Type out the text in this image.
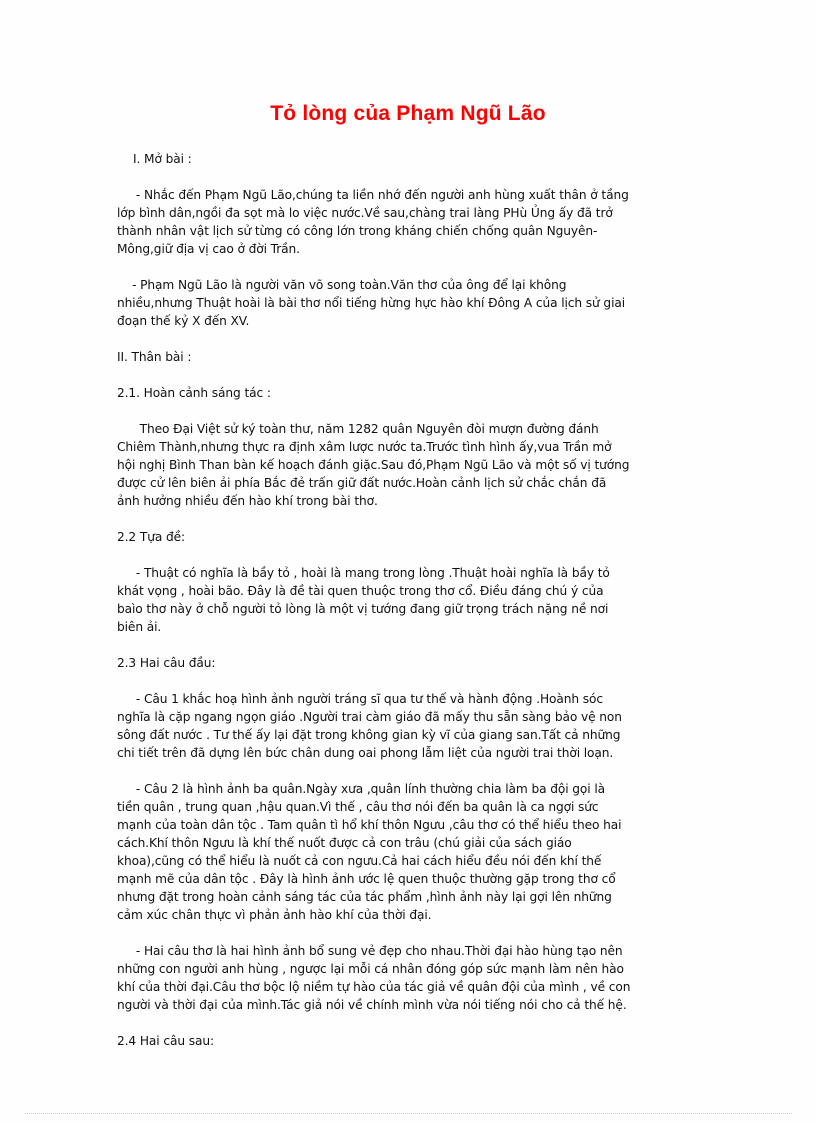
Tỏ lòng của Phạm Ngũ Lão

I. Mở bài :

- Nhắc đến Phạm Ngũ Lão,chúng ta liền nhớ đến người anh hùng xuất thân ở tầng

lớp bình dân,ngồi đa sọt mà lo việc nước.Về sau,chàng trai làng PHù Ủng ấy đã trở

thành nhân vật lịch sử từng có công lớn trong kháng chiến chống quân Nguyên-

Mông,giữ địa vị cao ở đời Trần.

- Phạm Ngũ Lão là người văn võ song toàn.Văn thơ của ông để lại không

nhiều,nhưng Thuật hoài là bài thơ nổi tiếng hừng hực hào khí Đông A của lịch sử giai

đoạn thế kỷ X đến XV.

II. Thân bài :

2.1. Hoàn cảnh sáng tác :

Theo Đại Việt sử ký toàn thư, năm 1282 quân Nguyên đòi mượn đường đánh

Chiêm Thành,nhưng thực ra định xâm lược nước ta.Trước tình hình ấy,vua Trần mở

hội nghị Bình Than bàn kế hoạch đánh giặc.Sau đó,Phạm Ngũ Lão và một số vị tướng

được cử lên biên ải phía Bắc đẻ trấn giữ đất nước.Hoàn cảnh lịch sử chắc chắn đã

ảnh hưởng nhiều đến hào khí trong bài thơ.

2.2 Tựa đề:

- Thuật có nghĩa là bầy tỏ , hoài là mang trong lòng .Thuật hoài nghĩa là bầy tỏ

khát vọng , hoài bão. Đây là đề tài quen thuộc trong thơ cổ. Điều đáng chú ý của

baìo thơ này ở chỗ người tỏ lòng là một vị tướng đang giữ trọng trách nặng nề nơi

biên ải.

2.3 Hai câu đầu:

- Câu 1 khắc hoạ hình ảnh người tráng sĩ qua tư thế và hành động .Hoành sóc

nghĩa là cặp ngang ngọn giáo .Người trai càm giáo đã mấy thu sẵn sàng bảo vệ non

sông đất nước . Tư thế ấy lại đặt trong không gian kỳ vĩ của giang san.Tất cả những

chi tiết trên đã dựng lên bức chân dung oai phong lẫm liệt của người trai thời loạn.

- Câu 2 là hình ảnh ba quân.Ngày xưa ,quân lính thường chia làm ba đội gọi là

tiền quân , trung quan ,hậu quan.Vì thế , câu thơ nói đến ba quân là ca ngợi sức

mạnh của toàn dân tộc . Tam quân tì hổ khí thôn Ngưu ,câu thơ có thể hiểu theo hai

cách.Khí thôn Ngưu là khí thế nuốt được cả con trâu (chú giải của sách giáo

khoa),cũng có thể hiểu là nuốt cả con ngưu.Cả hai cách hiểu đều nói đến khí thế

mạnh mẽ của dân tộc . Đây là hình ảnh ước lệ quen thuộc thường gặp trong thơ cổ

nhưng đặt trong hoàn cảnh sáng tác của tác phẩm ,hình ảnh này lại gợi lên những

cảm xúc chân thực vì phản ảnh hào khí của thời đại.

- Hai câu thơ là hai hình ảnh bổ sung vẻ đẹp cho nhau.Thời đại hào hùng tạo nên

những con người anh hùng , ngược lại mỗi cá nhân đóng góp sức mạnh làm nên hào

khí của thời đại.Câu thơ bộc lộ niềm tự hào của tác giả về quân đội của mình , về con

người và thời đại của mình.Tác giả nói về chính mình vừa nói tiếng nói cho cả thế hệ.

2.4 Hai câu sau:
